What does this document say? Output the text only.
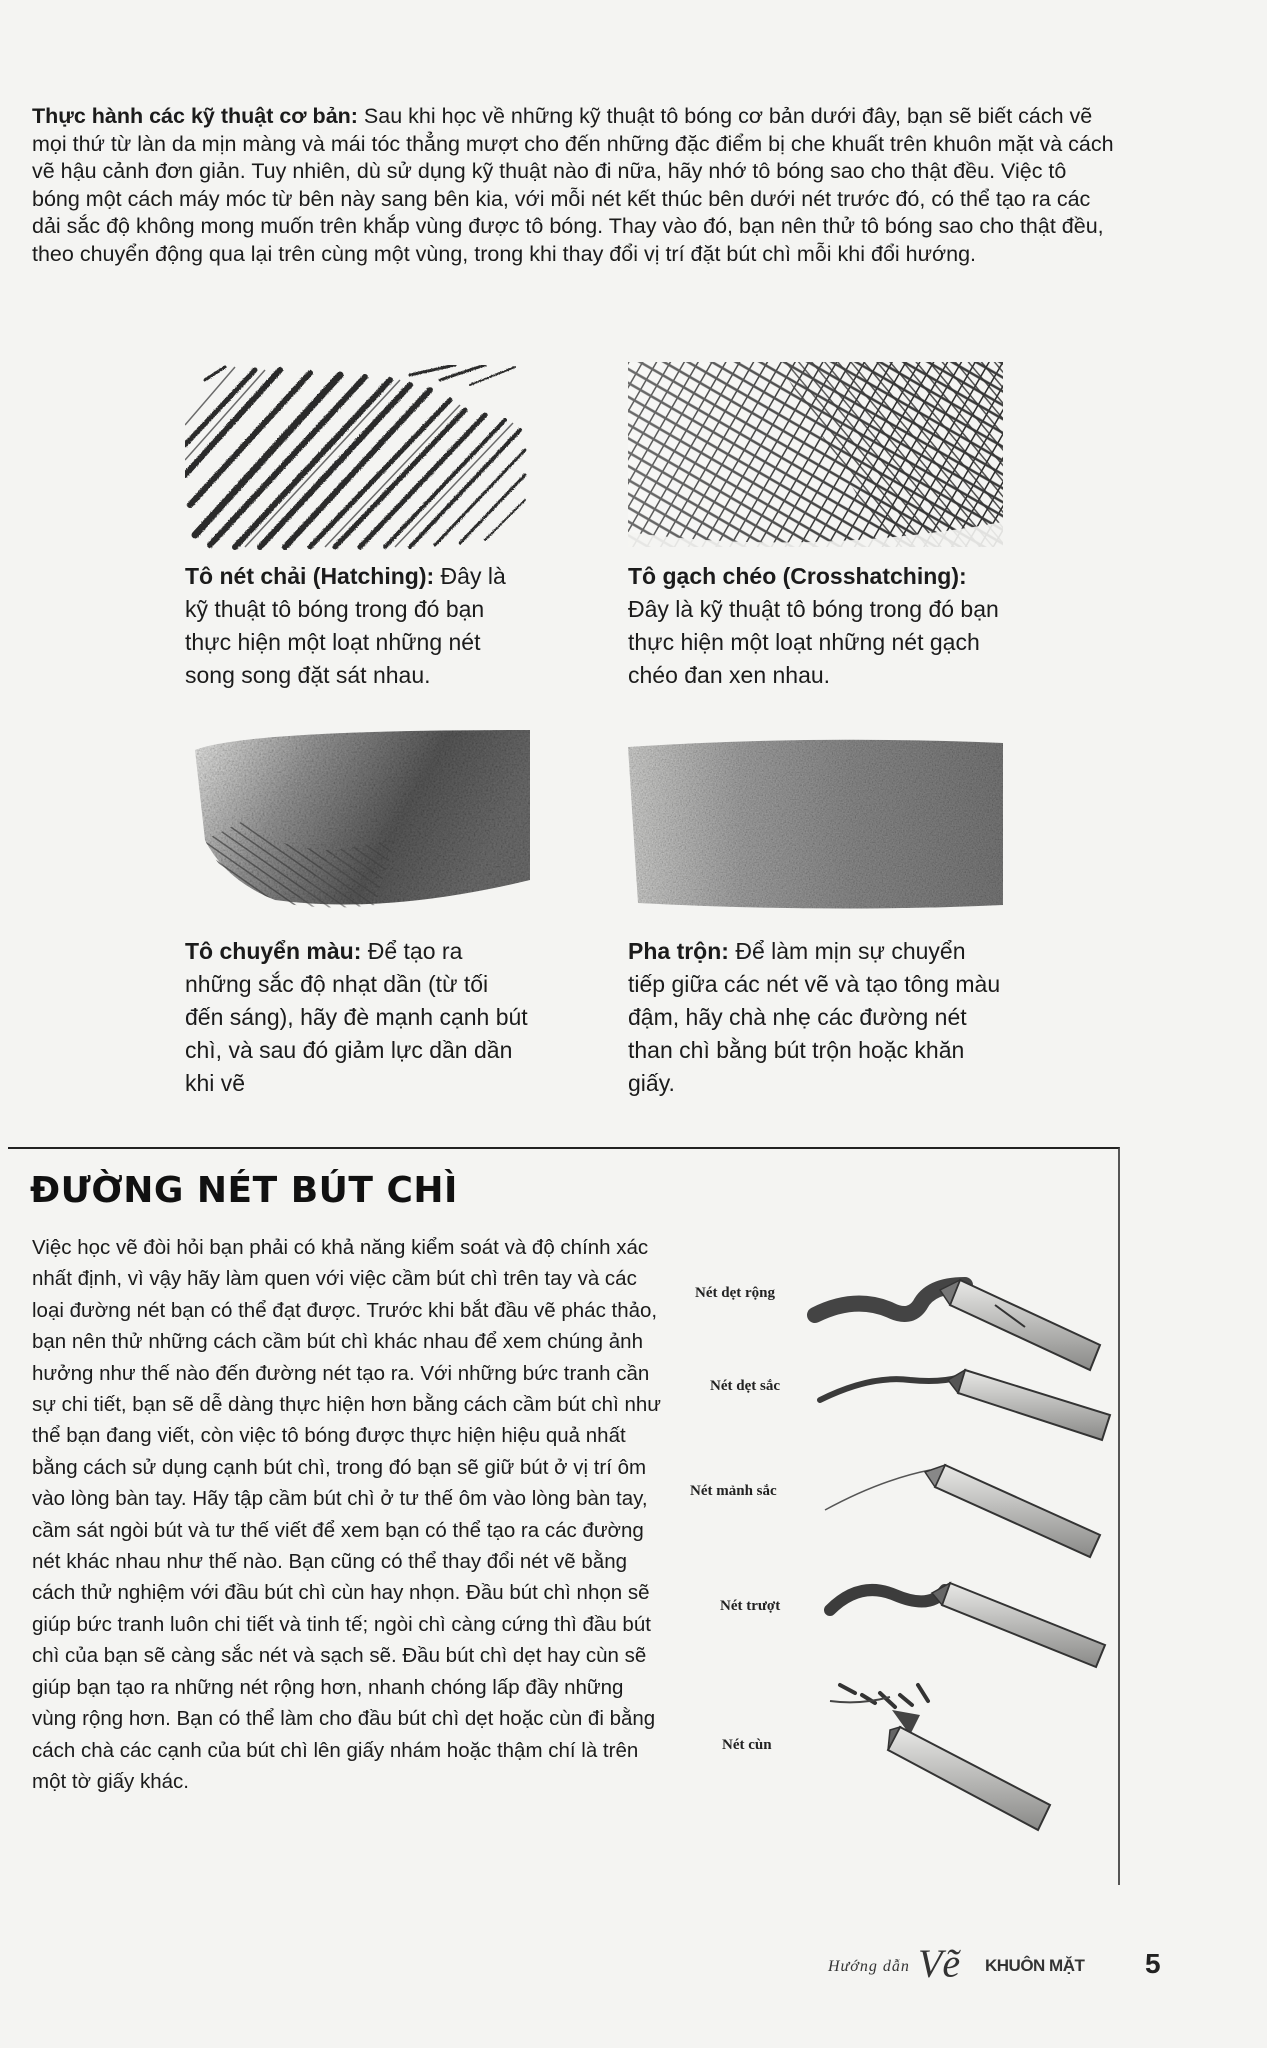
Thực hành các kỹ thuật cơ bản: Sau khi học về những kỹ thuật tô bóng cơ bản dưới đây, bạn sẽ biết cách vẽ mọi thứ từ làn da mịn màng và mái tóc thẳng mượt cho đến những đặc điểm bị che khuất trên khuôn mặt và cách vẽ hậu cảnh đơn giản. Tuy nhiên, dù sử dụng kỹ thuật nào đi nữa, hãy nhớ tô bóng sao cho thật đều. Việc tô bóng một cách máy móc từ bên này sang bên kia, với mỗi nét kết thúc bên dưới nét trước đó, có thể tạo ra các dải sắc độ không mong muốn trên khắp vùng được tô bóng. Thay vào đó, bạn nên thử tô bóng sao cho thật đều, theo chuyển động qua lại trên cùng một vùng, trong khi thay đổi vị trí đặt bút chì mỗi khi đổi hướng.

Tô nét chải (Hatching): Đây là kỹ thuật tô bóng trong đó bạn thực hiện một loạt những nét song song đặt sát nhau.
Tô gạch chéo (Crosshatching): Đây là kỹ thuật tô bóng trong đó bạn thực hiện một loạt những nét gạch chéo đan xen nhau.
Tô chuyển màu: Để tạo ra những sắc độ nhạt dần (từ tối đến sáng), hãy đè mạnh cạnh bút chì, và sau đó giảm lực dần dần khi vẽ
Pha trộn: Để làm mịn sự chuyển tiếp giữa các nét vẽ và tạo tông màu đậm, hãy chà nhẹ các đường nét than chì bằng bút trộn hoặc khăn giấy.
ĐƯỜNG NÉT BÚT CHÌ

Việc học vẽ đòi hỏi bạn phải có khả năng kiểm soát và độ chính xác nhất định, vì vậy hãy làm quen với việc cầm bút chì trên tay và các loại đường nét bạn có thể đạt được. Trước khi bắt đầu vẽ phác thảo, bạn nên thử những cách cầm bút chì khác nhau để xem chúng ảnh hưởng như thế nào đến đường nét tạo ra. Với những bức tranh cần sự chi tiết, bạn sẽ dễ dàng thực hiện hơn bằng cách cầm bút chì như thể bạn đang viết, còn việc tô bóng được thực hiện hiệu quả nhất bằng cách sử dụng cạnh bút chì, trong đó bạn sẽ giữ bút ở vị trí ôm vào lòng bàn tay. Hãy tập cầm bút chì ở tư thế ôm vào lòng bàn tay, cầm sát ngòi bút và tư thế viết để xem bạn có thể tạo ra các đường nét khác nhau như thế nào. Bạn cũng có thể thay đổi nét vẽ bằng cách thử nghiệm với đầu bút chì cùn hay nhọn. Đầu bút chì nhọn sẽ giúp bức tranh luôn chi tiết và tinh tế; ngòi chì càng cứng thì đầu bút chì của bạn sẽ càng sắc nét và sạch sẽ. Đầu bút chì dẹt hay cùn sẽ giúp bạn tạo ra những nét rộng hơn, nhanh chóng lấp đầy những vùng rộng hơn. Bạn có thể làm cho đầu bút chì dẹt hoặc cùn đi bằng cách chà các cạnh của bút chì lên giấy nhám hoặc thậm chí là trên một tờ giấy khác.

Nét dẹt rộng
Nét dẹt sắc
Nét mảnh sắc
Nét trượt
Nét cùn
Hướng dẫn Vẽ KHUÔN MẶT 5
